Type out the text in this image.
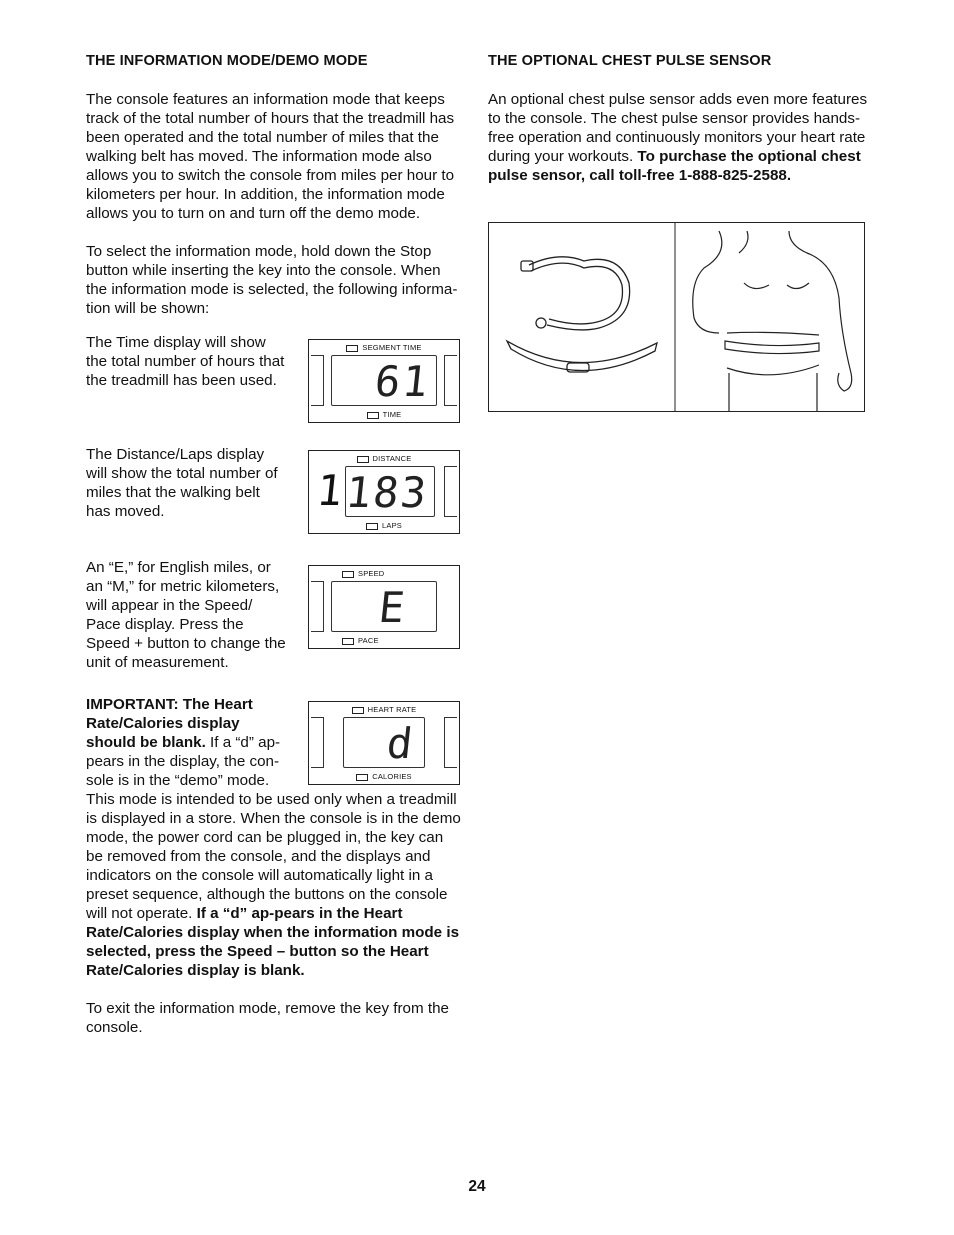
THE INFORMATION MODE/DEMO MODE

The console features an information mode that keeps track of the total number of hours that the treadmill has been operated and the total number of miles that the walking belt has moved. The information mode also allows you to switch the console from miles per hour to kilometers per hour. In addition, the information mode allows you to turn on and turn off the demo mode.

To select the information mode, hold down the Stop button while inserting the key into the console. When the information mode is selected, the following informa-tion will be shown:

The Time display will show the total number of hours that the treadmill has been used.

The Distance/Laps display will show the total number of miles that the walking belt has moved.

An “E,” for English miles, or an “M,” for metric kilometers, will appear in the Speed/ Pace display. Press the Speed + button to change the unit of measurement.

IMPORTANT: The Heart Rate/Calories display should be blank. If a “d” ap-pears in the display, the con-sole is in the “demo” mode. This mode is intended to be used only when a treadmill is displayed in a store. When the console is in the demo mode, the power cord can be plugged in, the key can be removed from the console, and the displays and indicators on the console will automatically light in a preset sequence, although the buttons on the console will not operate. If a “d” ap-pears in the Heart Rate/Calories display when the information mode is selected, press the Speed – button so the Heart Rate/Calories display is blank.

To exit the information mode, remove the key from the console.

SEGMENT TIME
61
TIME
DISTANCE
1
183
LAPS
SPEED
E
PACE
HEART RATE
d
CALORIES
THE OPTIONAL CHEST PULSE SENSOR

An optional chest pulse sensor adds even more features to the console. The chest pulse sensor provides hands-free operation and continuously monitors your heart rate during your workouts. To purchase the optional chest pulse sensor, call toll-free 1-888-825-2588.

24
